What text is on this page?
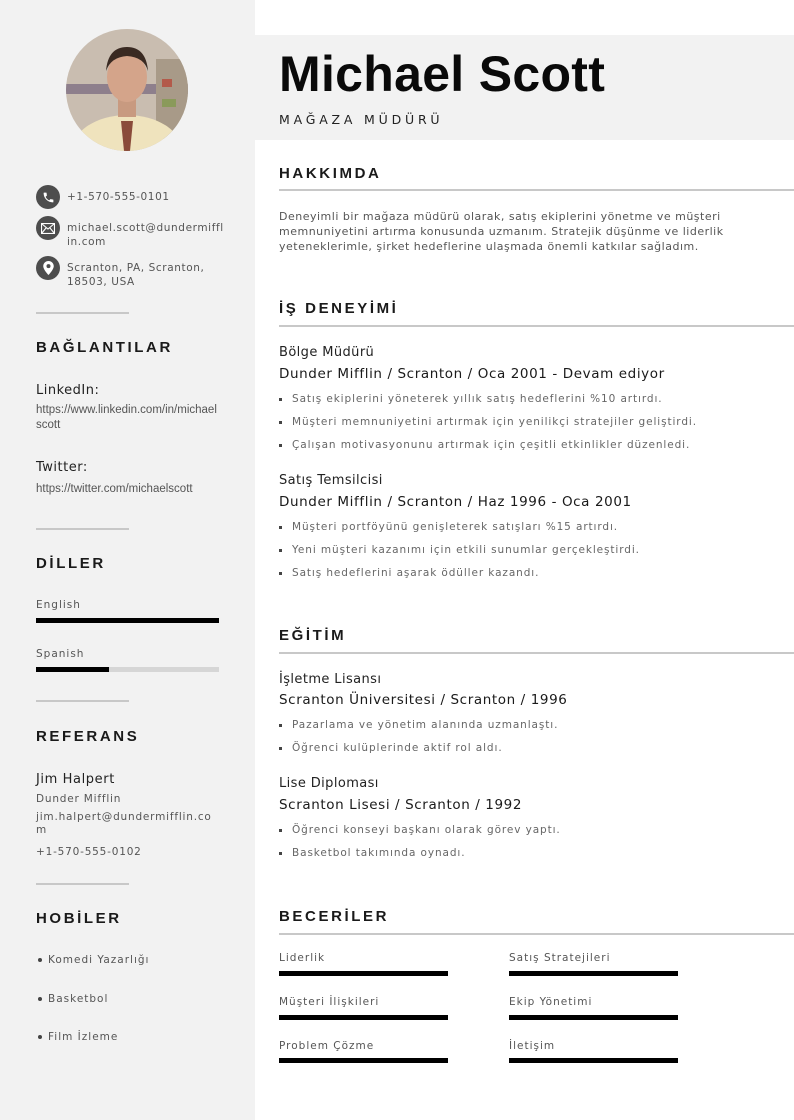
+1-570-555-0101
michael.scott@dundermifflin.com
Scranton, PA, Scranton, 18503, USA
BAĞLANTILAR
LinkedIn:
https://www.linkedin.com/in/michaelscott
Twitter:
https://twitter.com/michaelscott
DİLLER
English
Spanish
REFERANS
Jim Halpert
Dunder Mifflin
jim.halpert@dundermifflin.com
+1-570-555-0102
HOBİLER
Komedi Yazarlığı
Basketbol
Film İzleme
Michael Scott
MAĞAZA MÜDÜRÜ
HAKKIMDA

Deneyimli bir mağaza müdürü olarak, satış ekiplerini yönetme ve müşteri memnuniyetini artırma konusunda uzmanım. Stratejik düşünme ve liderlik yeteneklerimle, şirket hedeflerine ulaşmada önemli katkılar sağladım.

İŞ DENEYİMİ
Bölge Müdürü
Dunder Mifflin / Scranton / Oca 2001 - Devam ediyor
Satış ekiplerini yöneterek yıllık satış hedeflerini %10 artırdı.
Müşteri memnuniyetini artırmak için yenilikçi stratejiler geliştirdi.
Çalışan motivasyonunu artırmak için çeşitli etkinlikler düzenledi.
Satış Temsilcisi
Dunder Mifflin / Scranton / Haz 1996 - Oca 2001
Müşteri portföyünü genişleterek satışları %15 artırdı.
Yeni müşteri kazanımı için etkili sunumlar gerçekleştirdi.
Satış hedeflerini aşarak ödüller kazandı.
EĞİTİM
İşletme Lisansı
Scranton Üniversitesi / Scranton / 1996
Pazarlama ve yönetim alanında uzmanlaştı.
Öğrenci kulüplerinde aktif rol aldı.
Lise Diploması
Scranton Lisesi / Scranton / 1992
Öğrenci konseyi başkanı olarak görev yaptı.
Basketbol takımında oynadı.
BECERİLER
Liderlik	Satış Stratejileri
Müşteri İlişkileri	Ekip Yönetimi
Problem Çözme	İletişim
